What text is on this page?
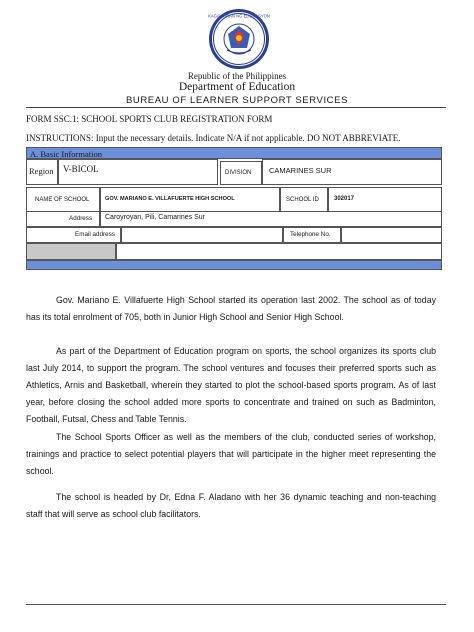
KAGAWARAN NG EDUKASYON
Republic of the Philippines
Department of Education
BUREAU OF LEARNER SUPPORT SERVICES
FORM SSC.1: SCHOOL SPORTS CLUB REGISTRATION FORM
INSTRUCTIONS: Input the necessary details. Indicate N/A if not applicable. DO NOT ABBREVIATE.
A. Basic Information
Region V-BICOL	DIVISION CAMARINES SUR
NAME OF SCHOOL	GOV. MARIANO E. VILLAFUERTE HIGH SCHOOL	SCHOOL ID	302017
Address Caroyroyan, Pili, Camarines Sur
Email address	Telephone No.
Gov. Mariano E. Villafuerte High School started its operation last 2002. The school as of today has its total enrolment of 705, both in Junior High School and Senior High School.
As part of the Department of Education program on sports, the school organizes its sports club last July 2014, to support the program. The school ventures and focuses their preferred sports such as Athletics, Arnis and Basketball, wherein they started to plot the school-based sports program. As of last year, before closing the school added more sports to concentrate and trained on such as Badminton, Football, Futsal, Chess and Table Tennis.
The School Sports Officer as well as the members of the club, conducted series of workshop, trainings and practice to select potential players that will participate in the higher meet representing the school.
The school is headed by Dr, Edna F. Aladano with her 36 dynamic teaching and non-teaching staff that will serve as school club facilitators.
